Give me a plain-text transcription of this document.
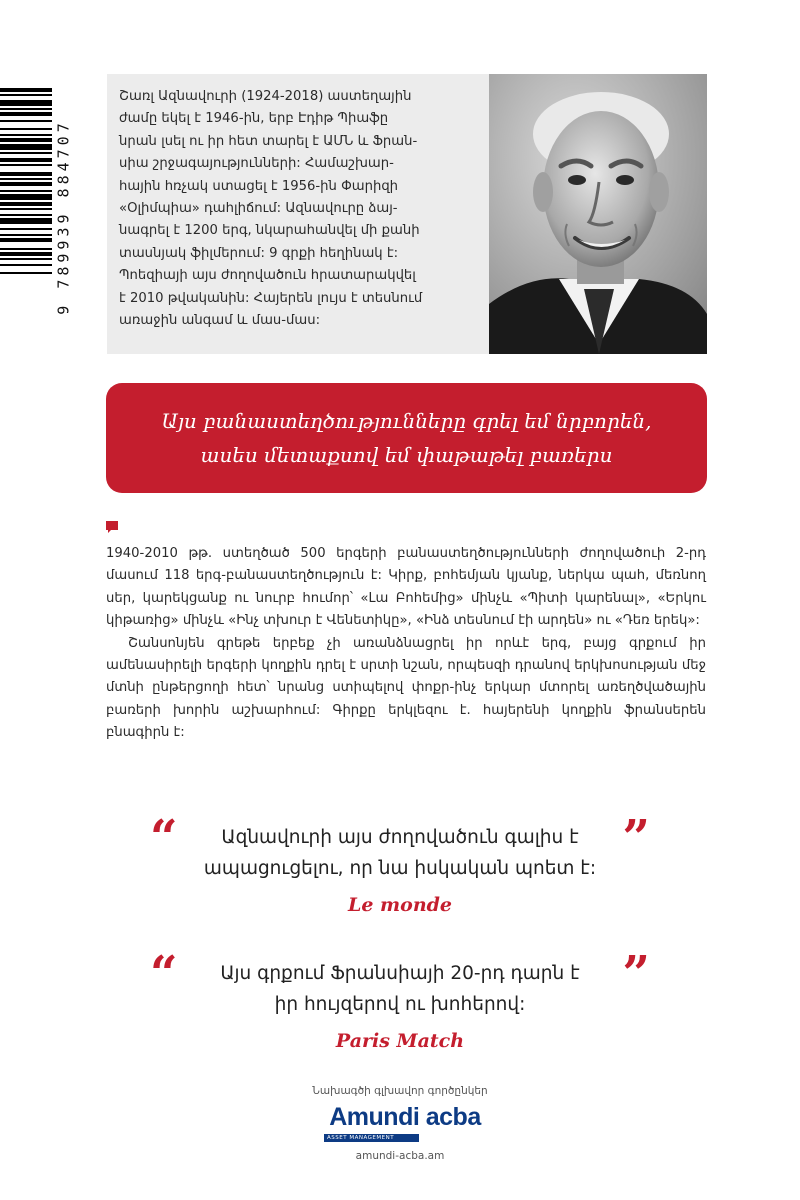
9 789939 884707

Շառլ Ազնավուրի (1924-2018) աստեղային
ժամը եկել է 1946-ին, երբ Էդիթ Պիաֆը
նրան լսել ու իր հետ տարել է ԱՄՆ և Ֆրան-
սիա շրջագայությունների: Համաշխար-
հային հռչակ ստացել է 1956-ին Փարիզի
«Օլիմպիա» դահլիճում: Ազնավուրը ձայ-
նագրել է 1200 երգ, նկարահանվել մի քանի
տասնյակ ֆիլմերում: 9 գրքի հեղինակ է:
Պոեզիայի այս ժողովածուն հրատարակվել
է 2010 թվականին: Հայերեն լույս է տեսնում
առաջին անգամ և մաս-մաս:

Այս բանաստեղծությունները գրել եմ նրբորեն,
ասես մետաքսով եմ փաթաթել բառերս

1940-2010 թթ. ստեղծած 500 երգերի բանաստեղծությունների ժողովածուի 2-րդ մասում 118 երգ-բանաստեղծություն է: Կիրք, բոհեմյան կյանք, ներկա պահ, մեռնող սեր, կարեկցանք ու նուրբ հումոր՝ «Լա Բոհեմից» մինչև «Պիտի կարենալ», «Երկու կիթառից» մինչև «Ինչ տխուր է Վենետիկը», «Ինձ տեսնում էի արդեն» ու «Դեռ երեկ»:

Շանսոնյեն գրեթե երբեք չի առանձնացրել իր որևէ երգ, բայց գրքում իր ամենասիրելի երգերի կողքին դրել է սրտի նշան, որպեսզի դրանով երկխոսության մեջ մտնի ընթերցողի հետ՝ նրանց ստիպելով փոքր-ինչ երկար մտորել առեղծվածային բառերի խորին աշխարհում: Գիրքը երկլեզու է. հայերենի կողքին ֆրանսերեն բնագիրն է:

“	”

Ազնավուրի այս ժողովածուն գալիս է
ապացուցելու, որ նա իսկական պոետ է:

Le monde
“	”

Այս գրքում Ֆրանսիայի 20-րդ դարն է
իր հույզերով ու խոհերով:

Paris Match
Նախագծի գլխավոր գործընկեր
Amundi acba
ASSET MANAGEMENT
amundi-acba.am
